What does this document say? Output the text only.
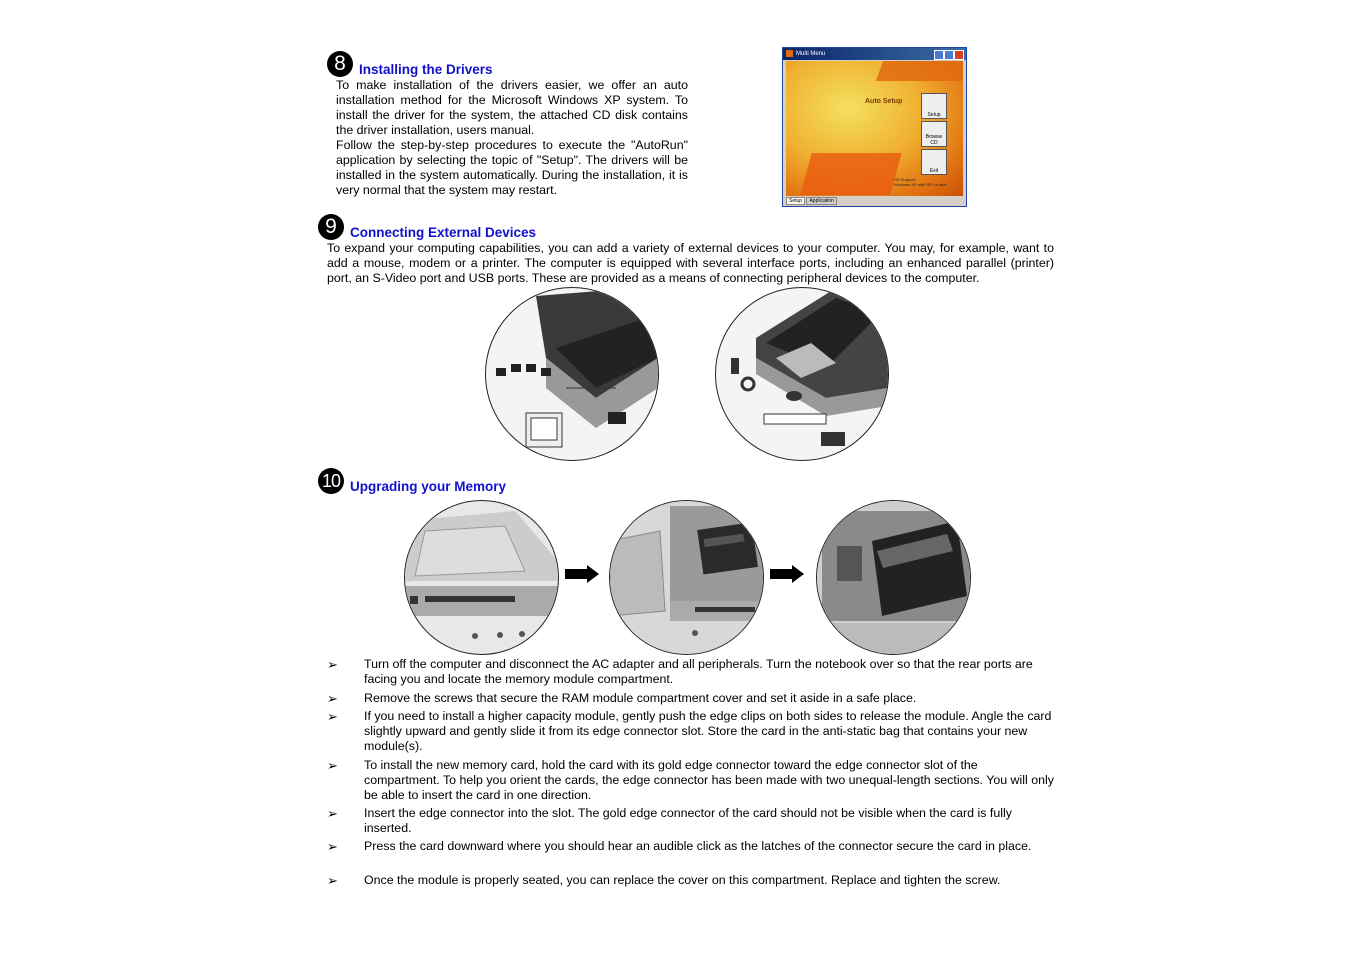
8 Installing the Drivers
To make installation of the drivers easier, we offer an auto installation method for the Microsoft Windows XP system. To install the driver for the system, the attached CD disk contains the driver installation, users manual.
Follow the step-by-step procedures to execute the "AutoRun" application by selecting the topic of "Setup". The drivers will be installed in the system automatically. During the installation, it is very normal that the system may restart.
Multi Menu
Auto Setup
Setup
Browse CD
Exit
OS Support:
Windows XP with SP1 or later
Setup Application
9 Connecting External Devices
To expand your computing capabilities, you can add a variety of external devices to your computer. You may, for example, want to add a mouse, modem or a printer. The computer is equipped with several interface ports, including an enhanced parallel (printer) port, an S-Video port and USB ports. These are provided as a means of connecting peripheral devices to the computer.
10 Upgrading your Memory
➢ Turn off the computer and disconnect the AC adapter and all peripherals. Turn the notebook over so that the rear ports are facing you and locate the memory module compartment.
➢ Remove the screws that secure the RAM module compartment cover and set it aside in a safe place.
➢ If you need to install a higher capacity module, gently push the edge clips on both sides to release the module. Angle the card slightly upward and gently slide it from its edge connector slot. Store the card in the anti-static bag that contains your new module(s).
➢ To install the new memory card, hold the card with its gold edge connector toward the edge connector slot of the compartment. To help you orient the cards, the edge connector has been made with two unequal-length sections. You will only be able to insert the card in one direction.
➢ Insert the edge connector into the slot. The gold edge connector of the card should not be visible when the card is fully inserted.
➢ Press the card downward where you should hear an audible click as the latches of the connector secure the card in place.
➢ Once the module is properly seated, you can replace the cover on this compartment. Replace and tighten the screw.
